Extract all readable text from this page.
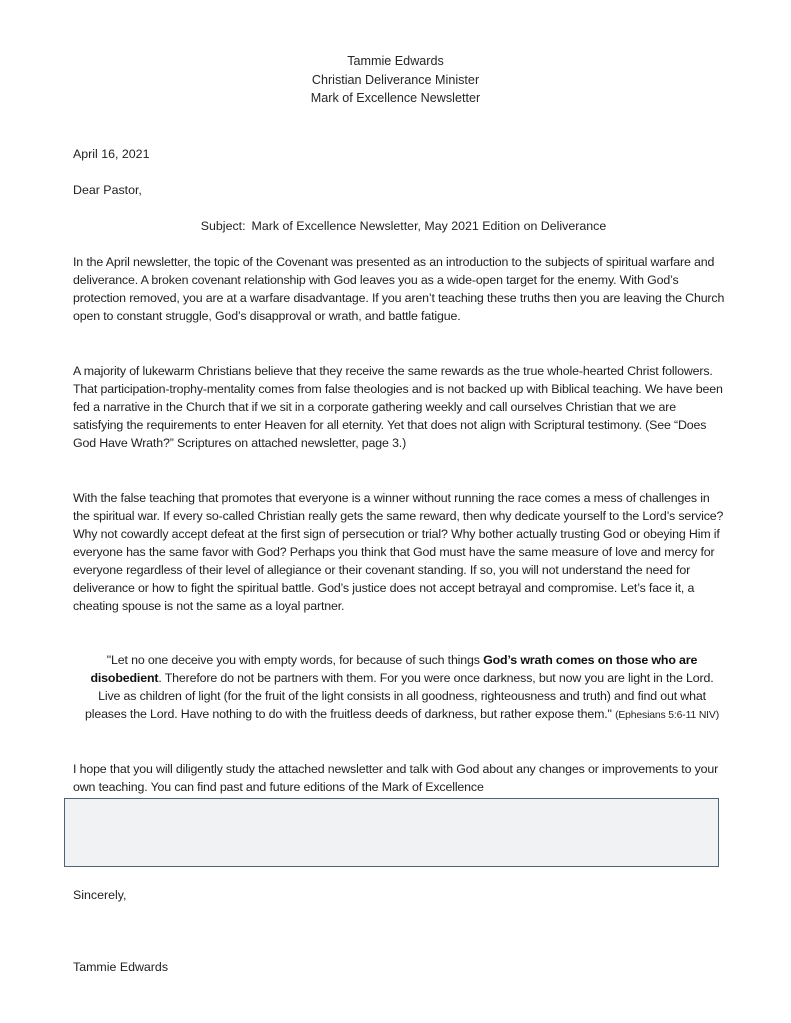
Tammie Edwards
Christian Deliverance Minister
Mark of Excellence Newsletter
April 16, 2021
Dear Pastor,
Subject: Mark of Excellence Newsletter, May 2021 Edition on Deliverance
In the April newsletter, the topic of the Covenant was presented as an introduction to the subjects of spiritual warfare and deliverance. A broken covenant relationship with God leaves you as a wide-open target for the enemy. With God’s protection removed, you are at a warfare disadvantage. If you aren’t teaching these truths then you are leaving the Church open to constant struggle, God’s disapproval or wrath, and battle fatigue.
A majority of lukewarm Christians believe that they receive the same rewards as the true whole-hearted Christ followers. That participation-trophy-mentality comes from false theologies and is not backed up with Biblical teaching. We have been fed a narrative in the Church that if we sit in a corporate gathering weekly and call ourselves Christian that we are satisfying the requirements to enter Heaven for all eternity. Yet that does not align with Scriptural testimony. (See “Does God Have Wrath?” Scriptures on attached newsletter, page 3.)
With the false teaching that promotes that everyone is a winner without running the race comes a mess of challenges in the spiritual war. If every so-called Christian really gets the same reward, then why dedicate yourself to the Lord’s service? Why not cowardly accept defeat at the first sign of persecution or trial? Why bother actually trusting God or obeying Him if everyone has the same favor with God? Perhaps you think that God must have the same measure of love and mercy for everyone regardless of their level of allegiance or their covenant standing. If so, you will not understand the need for deliverance or how to fight the spiritual battle. God’s justice does not accept betrayal and compromise. Let’s face it, a cheating spouse is not the same as a loyal partner.
"Let no one deceive you with empty words, for because of such things God’s wrath comes on those who are disobedient. Therefore do not be partners with them. For you were once darkness, but now you are light in the Lord. Live as children of light (for the fruit of the light consists in all goodness, righteousness and truth) and find out what pleases the Lord. Have nothing to do with the fruitless deeds of darkness, but rather expose them." (Ephesians 5:6-11 NIV)
I hope that you will diligently study the attached newsletter and talk with God about any changes or improvements to your own teaching. You can find past and future editions of the Mark of Excellence
Sincerely,
Tammie Edwards
